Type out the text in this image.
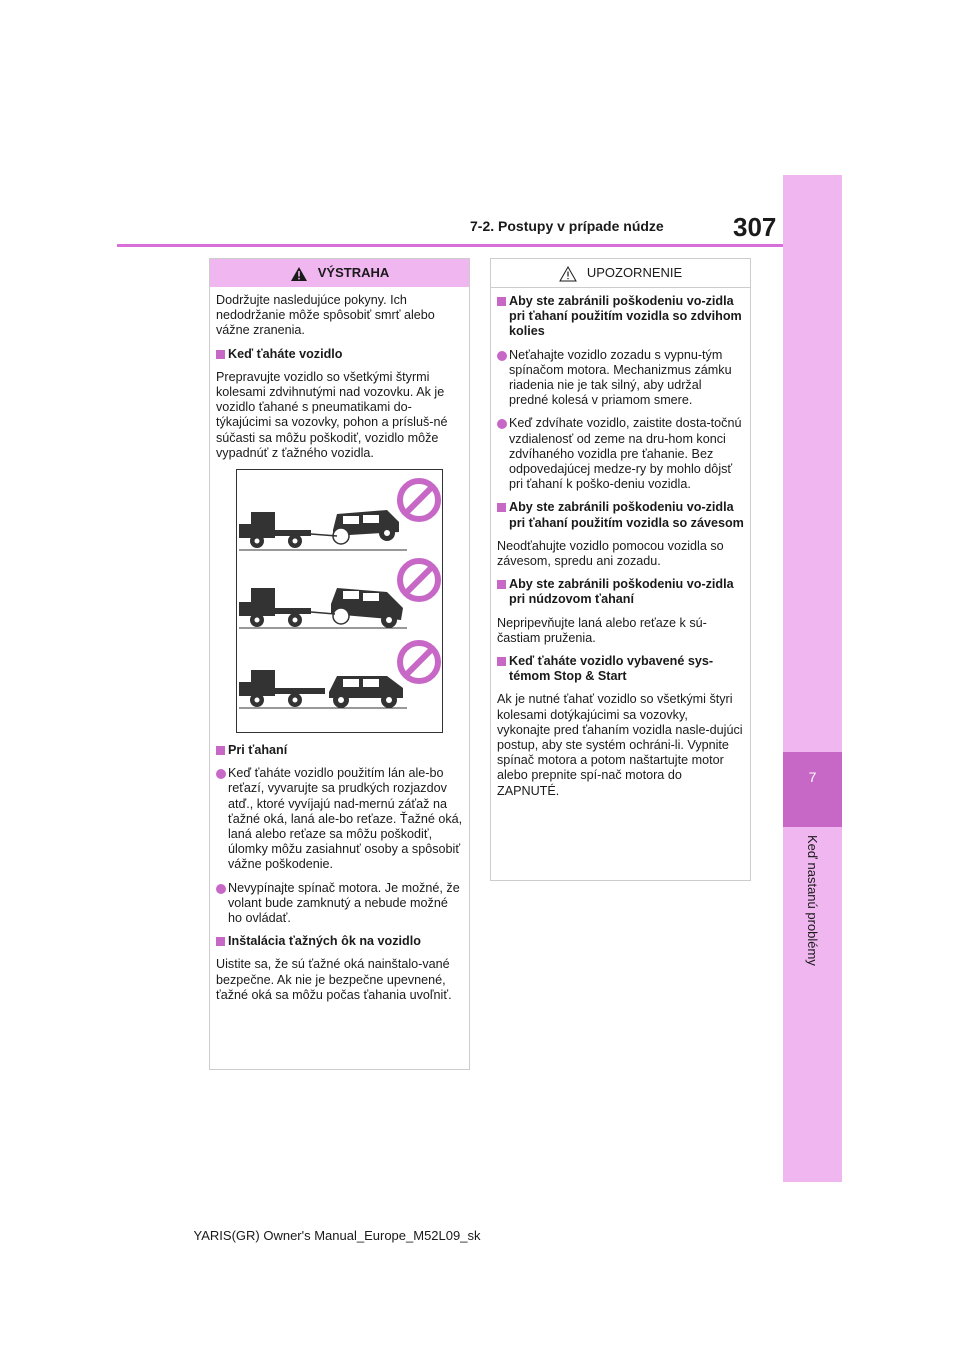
7
Keď nastanú problémy
7-2. Postupy v prípade núdze	307
VÝSTRAHA

Dodržujte nasledujúce pokyny. Ich nedodržanie môže spôsobiť smrť alebo vážne zranenia.

Keď ťaháte vozidlo

Prepravujte vozidlo so všetkými štyrmi kolesami zdvihnutými nad vozovku. Ak je vozidlo ťahané s pneumatikami do-týkajúcimi sa vozovky, pohon a prísluš-né súčasti sa môžu poškodiť, vozidlo môže vypadnúť z ťažného vozidla.

Pri ťahaní

Keď ťaháte vozidlo použitím lán ale-bo reťazí, vyvarujte sa prudkých rozjazdov atď., ktoré vyvíjajú nad-mernú záťaž na ťažné oká, laná ale-bo reťaze. Ťažné oká, laná alebo reťaze sa môžu poškodiť, úlomky môžu zasiahnuť osoby a spôsobiť vážne poškodenie.

Nevypínajte spínač motora. Je možné, že volant bude zamknutý a nebude možné ho ovládať.

Inštalácia ťažných ôk na vozidlo

Uistite sa, že sú ťažné oká nainštalo-vané bezpečne. Ak nie je bezpečne upevnené, ťažné oká sa môžu počas ťahania uvoľniť.

UPOZORNENIE

Aby ste zabránili poškodeniu vo-zidla pri ťahaní použitím vozidla so zdvihom kolies

Neťahajte vozidlo zozadu s vypnu-tým spínačom motora. Mechanizmus zámku riadenia nie je tak silný, aby udržal predné kolesá v priamom smere.

Keď zdvíhate vozidlo, zaistite dosta-točnú vzdialenosť od zeme na dru-hom konci zdvíhaného vozidla pre ťahanie. Bez odpovedajúcej medze-ry by mohlo dôjsť pri ťahaní k poško-deniu vozidla.

Aby ste zabránili poškodeniu vo-zidla pri ťahaní použitím vozidla so závesom

Neodťahujte vozidlo pomocou vozidla so závesom, spredu ani zozadu.

Aby ste zabránili poškodeniu vo-zidla pri núdzovom ťahaní

Nepripevňujte laná alebo reťaze k sú-častiam pruženia.

Keď ťaháte vozidlo vybavené sys-témom Stop & Start

Ak je nutné ťahať vozidlo so všetkými štyri kolesami dotýkajúcimi sa vozovky, vykonajte pred ťahaním vozidla nasle-dujúci postup, aby ste systém ochráni-li. Vypnite spínač motora a potom naštartujte motor alebo prepnite spí-nač motora do ZAPNUTÉ.

YARIS(GR) Owner's Manual_Europe_M52L09_sk
